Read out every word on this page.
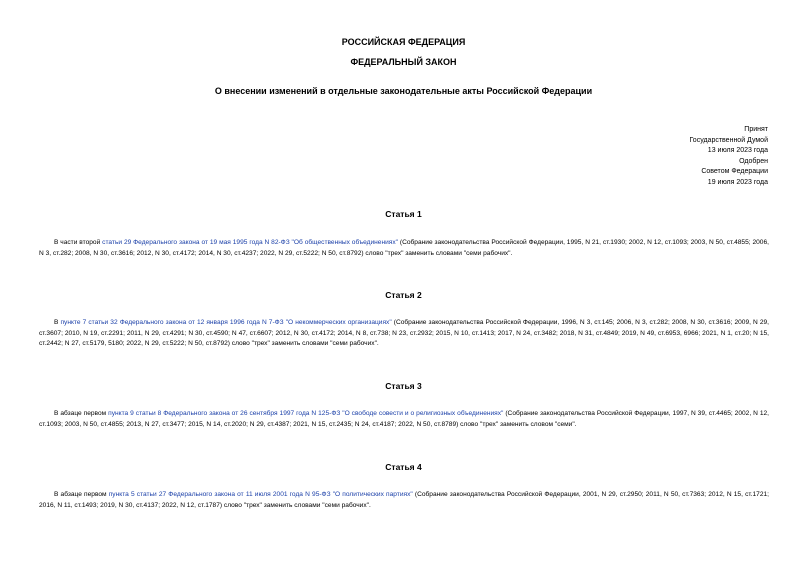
РОССИЙСКАЯ ФЕДЕРАЦИЯ
ФЕДЕРАЛЬНЫЙ ЗАКОН
О внесении изменений в отдельные законодательные акты Российской Федерации
Принят
Государственной Думой
13 июля 2023 года
Одобрен
Советом Федерации
19 июля 2023 года
Статья 1
В части второй статьи 29 Федерального закона от 19 мая 1995 года N 82-ФЗ "Об общественных объединениях" (Собрание законодательства Российской Федерации, 1995, N 21, ст.1930; 2002, N 12, ст.1093; 2003, N 50, ст.4855; 2006, N 3, ст.282; 2008, N 30, ст.3616; 2012, N 30, ст.4172; 2014, N 30, ст.4237; 2022, N 29, ст.5222; N 50, ст.8792) слово "трех" заменить словами "семи рабочих".
Статья 2
В пункте 7 статьи 32 Федерального закона от 12 января 1996 года N 7-ФЗ "О некоммерческих организациях" (Собрание законодательства Российской Федерации, 1996, N 3, ст.145; 2006, N 3, ст.282; 2008, N 30, ст.3616; 2009, N 29, ст.3607; 2010, N 19, ст.2291; 2011, N 29, ст.4291; N 30, ст.4590; N 47, ст.6607; 2012, N 30, ст.4172; 2014, N 8, ст.738; N 23, ст.2932; 2015, N 10, ст.1413; 2017, N 24, ст.3482; 2018, N 31, ст.4849; 2019, N 49, ст.6953, 6966; 2021, N 1, ст.20; N 15, ст.2442; N 27, ст.5179, 5180; 2022, N 29, ст.5222; N 50, ст.8792) слово "трех" заменить словами "семи рабочих".
Статья 3
В абзаце первом пункта 9 статьи 8 Федерального закона от 26 сентября 1997 года N 125-ФЗ "О свободе совести и о религиозных объединениях" (Собрание законодательства Российской Федерации, 1997, N 39, ст.4465; 2002, N 12, ст.1093; 2003, N 50, ст.4855; 2013, N 27, ст.3477; 2015, N 14, ст.2020; N 29, ст.4387; 2021, N 15, ст.2435; N 24, ст.4187; 2022, N 50, ст.8789) слово "трех" заменить словом "семи".
Статья 4
В абзаце первом пункта 5 статьи 27 Федерального закона от 11 июля 2001 года N 95-ФЗ "О политических партиях" (Собрание законодательства Российской Федерации, 2001, N 29, ст.2950; 2011, N 50, ст.7363; 2012, N 15, ст.1721; 2016, N 11, ст.1493; 2019, N 30, ст.4137; 2022, N 12, ст.1787) слово "трех" заменить словами "семи рабочих".
